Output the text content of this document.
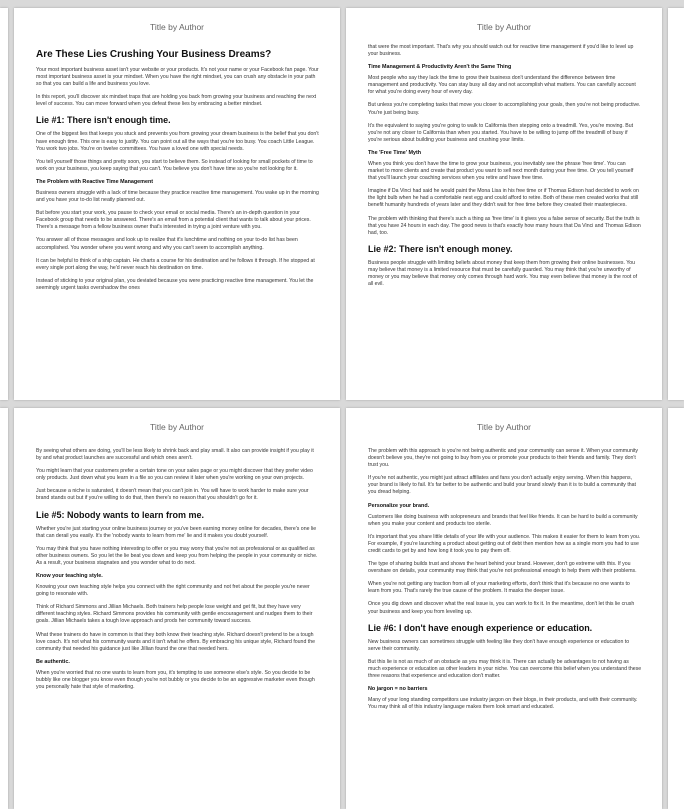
Title by Author
Are These Lies Crushing Your Business Dreams?

Your most important business asset isn't your website or your products. It's not your name or your Facebook fan page. Your most important business asset is your mindset. When you have the right mindset, you can crush any obstacle in your path so that you can build a life and business you love.

In this report, you'll discover six mindset traps that are holding you back from growing your business and reaching the next level of success. You can move forward when you defeat these lies by embracing a better mindset.

Lie #1: There isn't enough time.

One of the biggest lies that keeps you stuck and prevents you from growing your dream business is the belief that you don't have enough time. This one is easy to justify. You can point out all the ways that you're too busy. You coach Little League. You work two jobs. You're on twelve committees. You have a loved one with special needs.

You tell yourself those things and pretty soon, you start to believe them. So instead of looking for small pockets of time to work on your business, you keep saying that you can't. You believe you don't have time so you're not looking for it.

The Problem with Reactive Time Management

Business owners struggle with a lack of time because they practice reactive time management. You wake up in the morning and you have your to-do list neatly planned out.

But before you start your work, you pause to check your email or social media. There's an in-depth question in your Facebook group that needs to be answered. There's an email from a potential client that wants to talk about your prices. There's a message from a fellow business owner that's interested in trying a joint venture with you.

You answer all of those messages and look up to realize that it's lunchtime and nothing on your to-do list has been accomplished. You wonder where you went wrong and why you can't seem to accomplish anything.

It can be helpful to think of a ship captain. He charts a course for his destination and he follows it through. If he stopped at every single port along the way, he'd never reach his destination on time.

Instead of sticking to your original plan, you deviated because you were practicing reactive time management. You let the seemingly urgent tasks overshadow the ones

Title by Author

that were the most important. That's why you should watch out for reactive time management if you'd like to level up your business.

Time Management & Productivity Aren't the Same Thing

Most people who say they lack the time to grow their business don't understand the difference between time management and productivity. You can stay busy all day and not accomplish what matters. You can carefully account for what you're doing every hour of every day.

But unless you're completing tasks that move you closer to accomplishing your goals, then you're not being productive. You're just being busy.

It's the equivalent to saying you're going to walk to California then stepping onto a treadmill. Yes, you're moving. But you're not any closer to California than when you started. You have to be willing to jump off the treadmill of busy if you're serious about building your business and crushing your limits.

The 'Free Time' Myth

When you think you don't have the time to grow your business, you inevitably see the phrase 'free time'. You can market to more clients and create that product you want to sell next month during your free time. Or you tell yourself that you'll launch your coaching services when you retire and have free time.

Imagine if Da Vinci had said he would paint the Mona Lisa in his free time or if Thomas Edison had decided to work on the light bulb when he had a comfortable nest egg and could afford to retire. Both of these men created works that still benefit humanity hundreds of years later and they didn't wait for free time before they created their masterpieces.

The problem with thinking that there's such a thing as 'free time' is it gives you a false sense of security. But the truth is that you have 24 hours in each day. The good news is that's exactly how many hours that Da Vinci and Thomas Edison had, too.

Lie #2: There isn't enough money.

Business people struggle with limiting beliefs about money that keep them from growing their online businesses. You may believe that money is a limited resource that must be carefully guarded. You may think that you're unworthy of money or you may believe that money only comes through hard work. You may even believe that money is the root of all evil.

Title by Author

By seeing what others are doing, you'll be less likely to shrink back and play small. It also can provide insight if you play it by and what product launches are successful and which ones aren't.

You might learn that your customers prefer a certain tone on your sales page or you might discover that they prefer video only products. Just down what you learn in a file so you can review it later when you're working on your own projects.

Just because a niche is saturated, it doesn't mean that you can't join in. You will have to work harder to make sure your brand stands out but if you're willing to do that, then there's no reason that you shouldn't go for it.

Lie #5: Nobody wants to learn from me.

Whether you're just starting your online business journey or you've been earning money online for decades, there's one lie that can derail you easily. It's the 'nobody wants to learn from me' lie and it makes you doubt yourself.

You may think that you have nothing interesting to offer or you may worry that you're not as professional or as qualified as other business owners. So you let the lie beat you down and keep you from helping the people in your community or niche. As a result, your business stagnates and you wonder what to do next.

Know your teaching style.

Knowing your own teaching style helps you connect with the right community and not fret about the people you're never going to resonate with.

Think of Richard Simmons and Jillian Michaels. Both trainers help people lose weight and get fit, but they have very different teaching styles. Richard Simmons provides his community with gentle encouragement and nudges them to their goals. Jillian Michaels takes a tough love approach and prods her community toward success.

What these trainers do have in common is that they both know their teaching style. Richard doesn't pretend to be a tough love coach. It's not what his community wants and it isn't what he offers. By embracing his unique style, Richard found the community that needed his guidance just like Jillian found the one that needed hers.

Be authentic.

When you're worried that no one wants to learn from you, it's tempting to use someone else's style. So you decide to be bubbly like one blogger you know even though you're not bubbly or you decide to be an aggressive marketer even though you personally hate that style of marketing.

Title by Author

The problem with this approach is you're not being authentic and your community can sense it. When your community doesn't believe you, they're not going to buy from you or promote your products to their friends and family. They don't trust you.

If you're not authentic, you might just attract affiliates and fans you don't actually enjoy serving. When this happens, your brand is likely to fail. It's far better to be authentic and build your brand slowly than it is to build a community that you dread helping.

Personalize your brand.

Customers like doing business with solopreneurs and brands that feel like friends. It can be hard to build a community when you make your content and products too sterile.

It's important that you share little details of your life with your audience. This makes it easier for them to learn from you. For example, if you're launching a product about getting out of debt then mention how as a single mom you had to use credit cards to get by and how long it took you to pay them off.

The type of sharing builds trust and shows the heart behind your brand. However, don't go extreme with this. If you overshare on details, your community may think that you're not professional enough to help them with their problems.

When you're not getting any traction from all of your marketing efforts, don't think that it's because no one wants to learn from you. That's rarely the true cause of the problem. It masks the deeper issue.

Once you dig down and discover what the real issue is, you can work to fix it. In the meantime, don't let this lie crush your business and keep you from leveling up.

Lie #6: I don't have enough experience or education.

New business owners can sometimes struggle with feeling like they don't have enough experience or education to serve their community.

But this lie is not as much of an obstacle as you may think it is. There can actually be advantages to not having as much experience or education as other leaders in your niche. You can overcome this belief when you understand these three reasons that experience and education don't matter.

No jargon = no barriers

Many of your long standing competitors use industry jargon on their blogs, in their products, and with their community. You may think all of this industry language makes them look smart and educated.
